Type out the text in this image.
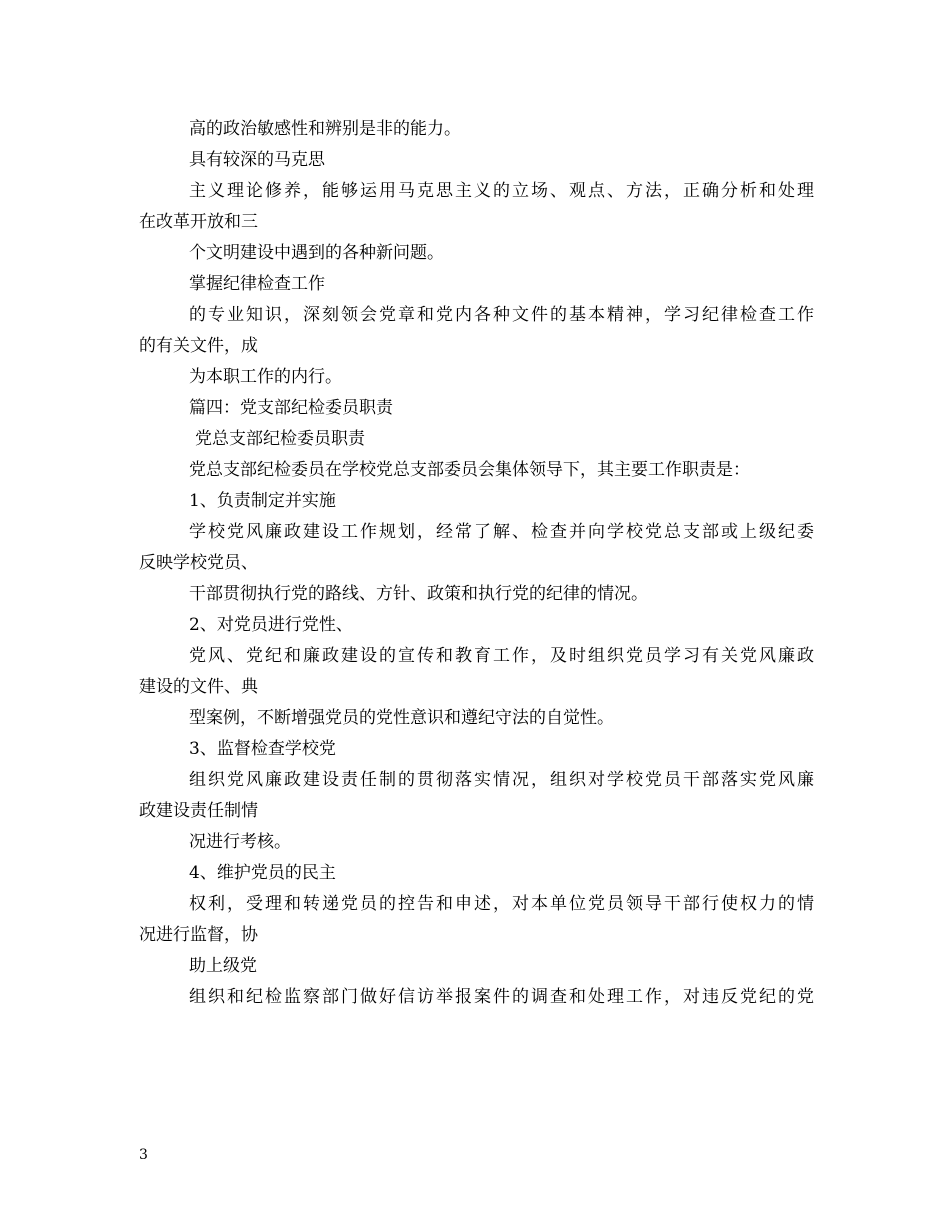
高的政治敏感性和辨别是非的能力。
具有较深的马克思
主义理论修养，能够运用马克思主义的立场、观点、方法，正确分析和处理
在改革开放和三
个文明建设中遇到的各种新问题。
掌握纪律检查工作
的专业知识，深刻领会党章和党内各种文件的基本精神，学习纪律检查工作
的有关文件，成
为本职工作的内行。
篇四：党支部纪检委员职责
党总支部纪检委员职责
党总支部纪检委员在学校党总支部委员会集体领导下，其主要工作职责是：
1、负责制定并实施
学校党风廉政建设工作规划，经常了解、检查并向学校党总支部或上级纪委
反映学校党员、
干部贯彻执行党的路线、方针、政策和执行党的纪律的情况。
2、对党员进行党性、
党风、党纪和廉政建设的宣传和教育工作，及时组织党员学习有关党风廉政
建设的文件、典
型案例，不断增强党员的党性意识和遵纪守法的自觉性。
3、监督检查学校党
组织党风廉政建设责任制的贯彻落实情况，组织对学校党员干部落实党风廉
政建设责任制情
况进行考核。
4、维护党员的民主
权利，受理和转递党员的控告和申述，对本单位党员领导干部行使权力的情
况进行监督，协
助上级党
组织和纪检监察部门做好信访举报案件的调查和处理工作，对违反党纪的党
3
